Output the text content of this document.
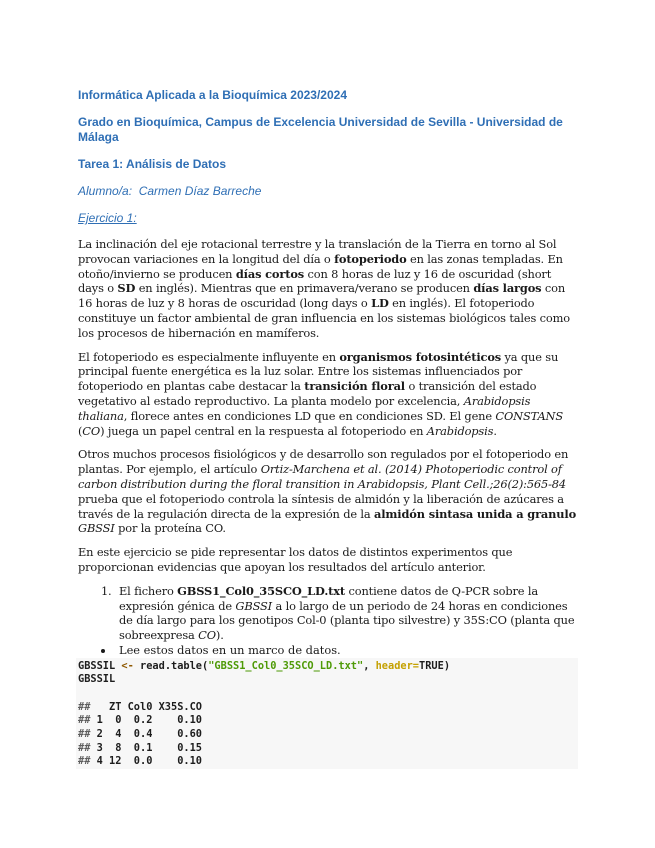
Informática Aplicada a la Bioquímica 2023/2024
Grado en Bioquímica, Campus de Excelencia Universidad de Sevilla - Universidad de Málaga
Tarea 1: Análisis de Datos
Alumno/a: Carmen Díaz Barreche
Ejercicio 1:

La inclinación del eje rotacional terrestre y la translación de la Tierra en torno al Sol provocan variaciones en la longitud del día o fotoperiodo en las zonas templadas. En otoño/invierno se producen días cortos con 8 horas de luz y 16 de oscuridad (short days o SD en inglés). Mientras que en primavera/verano se producen días largos con 16 horas de luz y 8 horas de oscuridad (long days o LD en inglés). El fotoperiodo constituye un factor ambiental de gran influencia en los sistemas biológicos tales como los procesos de hibernación en mamíferos.

El fotoperiodo es especialmente influyente en organismos fotosintéticos ya que su principal fuente energética es la luz solar. Entre los sistemas influenciados por fotoperiodo en plantas cabe destacar la transición floral o transición del estado vegetativo al estado reproductivo. La planta modelo por excelencia, Arabidopsis thaliana, florece antes en condiciones LD que en condiciones SD. El gene CONSTANS (CO) juega un papel central en la respuesta al fotoperiodo en Arabidopsis.

Otros muchos procesos fisiológicos y de desarrollo son regulados por el fotoperiodo en plantas. Por ejemplo, el artículo Ortiz-Marchena et al. (2014) Photoperiodic control of carbon distribution during the floral transition in Arabidopsis, Plant Cell.;26(2):565-84 prueba que el fotoperiodo controla la síntesis de almidón y la liberación de azúcares a través de la regulación directa de la expresión de la almidón sintasa unida a granulo GBSSI por la proteína CO.

En este ejercicio se pide representar los datos de distintos experimentos que proporcionan evidencias que apoyan los resultados del artículo anterior.

1. El fichero GBSS1_Col0_35SCO_LD.txt contiene datos de Q-PCR sobre la expresión génica de GBSSI a lo largo de un periodo de 24 horas en condiciones de día largo para los genotipos Col-0 (planta tipo silvestre) y 35S:CO (planta que sobreexpresa CO).
• Lee estos datos en un marco de datos.
GBSSIL <- read.table("GBSS1_Col0_35SCO_LD.txt", header=TRUE)
GBSSIL
##   ZT Col0 X35S.CO
## 1  0  0.2    0.10
## 2  4  0.4    0.60
## 3  8  0.1    0.15
## 4 12  0.0    0.10
